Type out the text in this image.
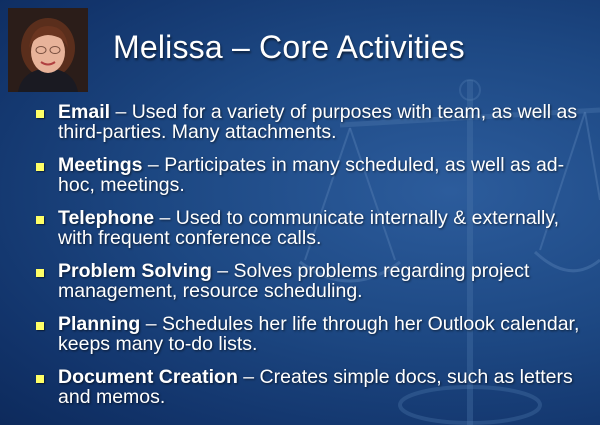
Melissa – Core Activities
Email – Used for a variety of purposes with team, as well as third-parties. Many attachments.
Meetings – Participates in many scheduled, as well as ad-hoc, meetings.
Telephone – Used to communicate internally & externally, with frequent conference calls.
Problem Solving – Solves problems regarding project management, resource scheduling.
Planning – Schedules her life through her Outlook calendar, keeps many to-do lists.
Document Creation – Creates simple docs, such as letters and memos.
